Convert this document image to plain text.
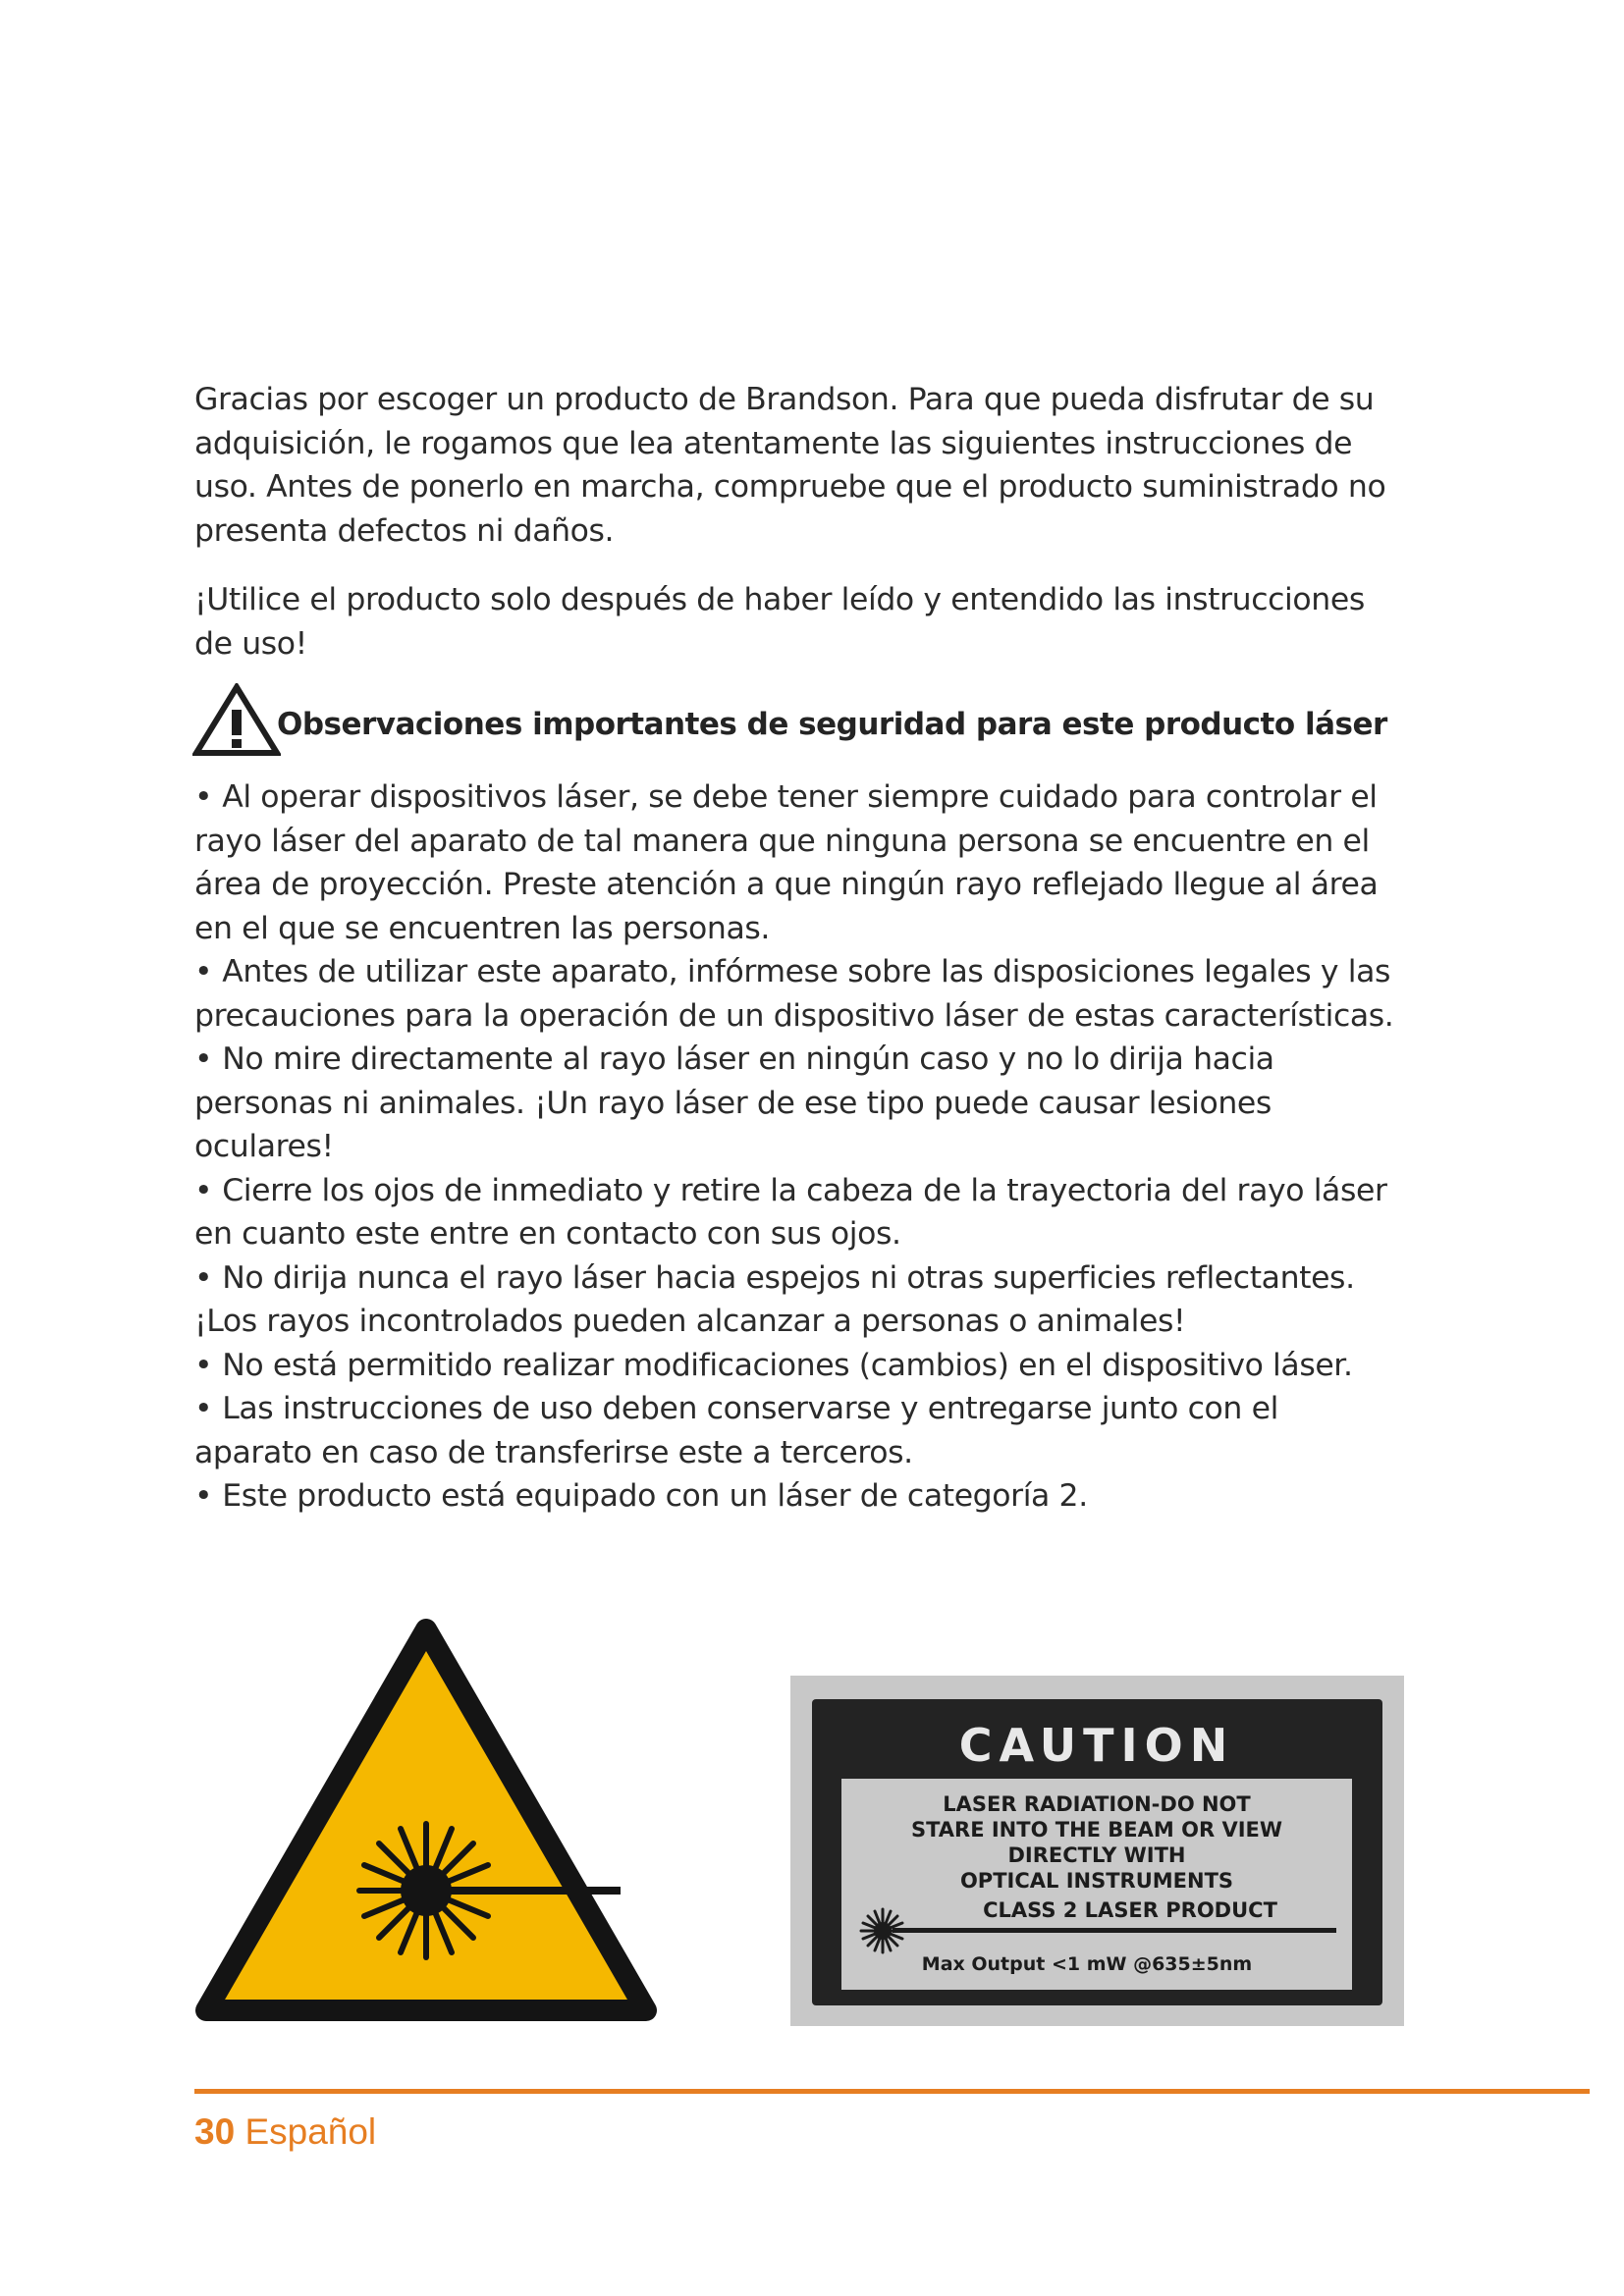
Gracias por escoger un producto de Brandson. Para que pueda disfrutar de su adquisición, le rogamos que lea atentamente las siguientes instrucciones de uso. Antes de ponerlo en marcha, compruebe que el producto suministrado no presenta defectos ni daños.

¡Utilice el producto solo después de haber leído y entendido las instrucciones de uso!

Observaciones importantes de seguridad para este producto láser
• Al operar dispositivos láser, se debe tener siempre cuidado para controlar el rayo láser del aparato de tal manera que ninguna persona se encuentre en el área de proyección. Preste atención a que ningún rayo reflejado llegue al área en el que se encuentren las personas.
• Antes de utilizar este aparato, infórmese sobre las disposiciones legales y las precauciones para la operación de un dispositivo láser de estas características.
• No mire directamente al rayo láser en ningún caso y no lo dirija hacia personas ni animales. ¡Un rayo láser de ese tipo puede causar lesiones oculares!
• Cierre los ojos de inmediato y retire la cabeza de la trayectoria del rayo láser en cuanto este entre en contacto con sus ojos.
• No dirija nunca el rayo láser hacia espejos ni otras superficies reflectantes. ¡Los rayos incontrolados pueden alcanzar a personas o animales!
• No está permitido realizar modificaciones (cambios) en el dispositivo láser.
• Las instrucciones de uso deben conservarse y entregarse junto con el aparato en caso de transferirse este a terceros.
• Este producto está equipado con un láser de categoría 2.
CAUTION
LASER RADIATION-DO NOT
STARE INTO THE BEAM OR VIEW
DIRECTLY WITH
OPTICAL INSTRUMENTS
CLASS 2 LASER PRODUCT
Max Output <1 mW @635±5nm
30 Español
